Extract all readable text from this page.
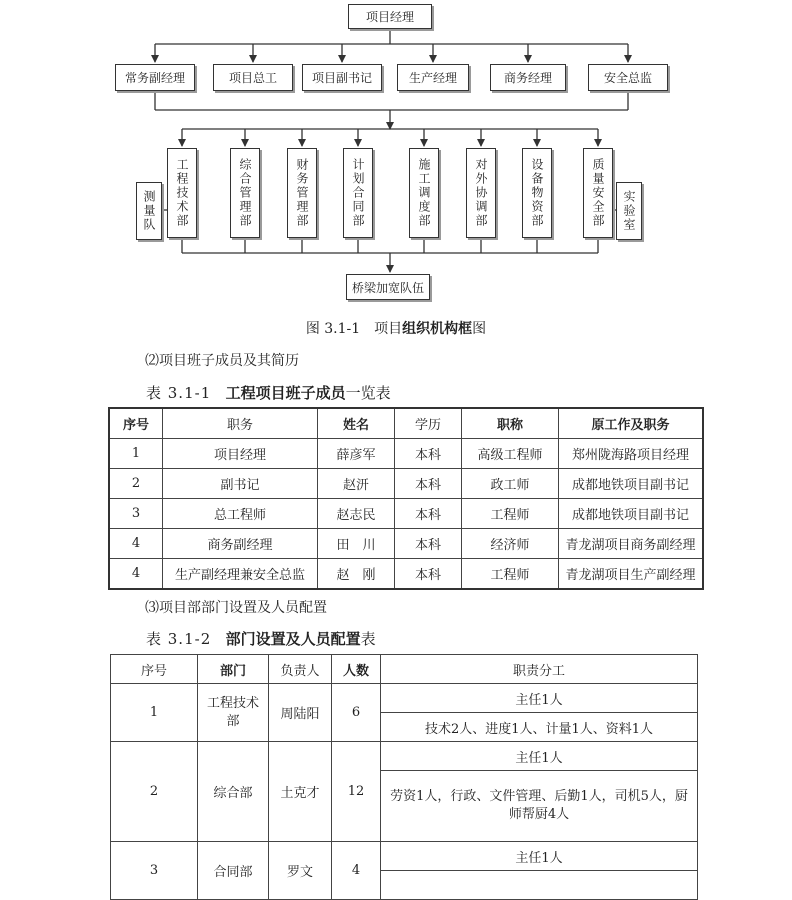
项目经理
常务副经理	项目总工	项目副书记	生产经理	商务经理	安全总监
工程技术部	综合管理部	财务管理部	计划合同部	施工调度部	对外协调部	设备物资部	质量安全部
测量队	实验室
桥梁加宽队伍
图 3.1-1　项目组织机构框图
⑵项目班子成员及其简历
表 3.1-1 工程项目班子成员一览表
序号	职务	姓名	学历	职称	原工作及职务
1	项目经理	薛彦军	本科	高级工程师	郑州陇海路项目经理
2	副书记	赵汧	本科	政工师	成都地铁项目副书记
3	总工程师	赵志民	本科	工程师	成都地铁项目副书记
4	商务副经理	田　川	本科	经济师	青龙湖项目商务副经理
4	生产副经理兼安全总监	赵　刚	本科	工程师	青龙湖项目生产副经理
⑶项目部部门设置及人员配置
表 3.1-2 部门设置及人员配置表
序号	部门	负责人	人数	职责分工
1	工程技术部	周陆阳	6	主任1人
				技术2人、进度1人、计量1人、资料1人
2	综合部	土克才	12	主任1人
				劳资1人，行政、文件管理、后勤1人，司机5人，厨师帮厨4人
3	合同部	罗文	4	主任1人
